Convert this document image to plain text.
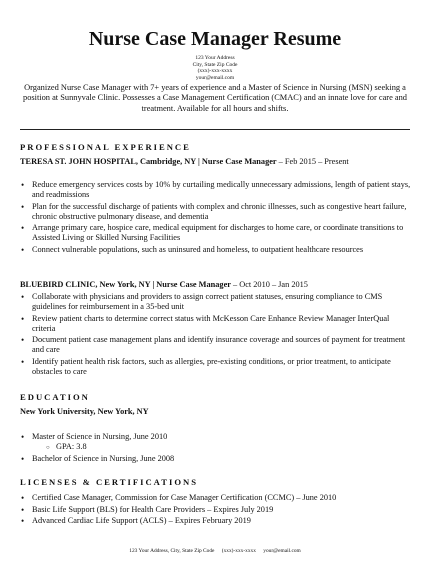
Nurse Case Manager Resume
123 Your Address
City, State Zip Code
(xxx)-xxx-xxxx
your@email.com
Organized Nurse Case Manager with 7+ years of experience and a Master of Science in Nursing (MSN) seeking a position at Sunnyvale Clinic. Possesses a Case Management Certification (CMAC) and an innate love for care and treatment. Available for all hours and shifts.
PROFESSIONAL EXPERIENCE
TERESA ST. JOHN HOSPITAL, Cambridge, NY | Nurse Case Manager – Feb 2015 – Present
• Reduce emergency services costs by 10% by curtailing medically unnecessary admissions, length of patient stays, and readmissions
• Plan for the successful discharge of patients with complex and chronic illnesses, such as congestive heart failure, chronic obstructive pulmonary disease, and dementia
• Arrange primary care, hospice care, medical equipment for discharges to home care, or coordinate transitions to Assisted Living or Skilled Nursing Facilities
• Connect vulnerable populations, such as uninsured and homeless, to outpatient healthcare resources
BLUEBIRD CLINIC, New York, NY | Nurse Case Manager – Oct 2010 – Jan 2015
• Collaborate with physicians and providers to assign correct patient statuses, ensuring compliance to CMS guidelines for reimbursement in a 35-bed unit
• Review patient charts to determine correct status with McKesson Care Enhance Review Manager InterQual criteria
• Document patient case management plans and identify insurance coverage and sources of payment for treatment and care
• Identify patient health risk factors, such as allergies, pre-existing conditions, or prior treatment, to anticipate obstacles to care
EDUCATION
New York University, New York, NY
• Master of Science in Nursing, June 2010
○ GPA: 3.8
• Bachelor of Science in Nursing, June 2008
LICENSES & CERTIFICATIONS
• Certified Case Manager, Commission for Case Manager Certification (CCMC) – June 2010
• Basic Life Support (BLS) for Health Care Providers – Expires July 2019
• Advanced Cardiac Life Support (ACLS) – Expires February 2019
123 Your Address, City, State Zip Code (xxx)-xxx-xxxx your@email.com
